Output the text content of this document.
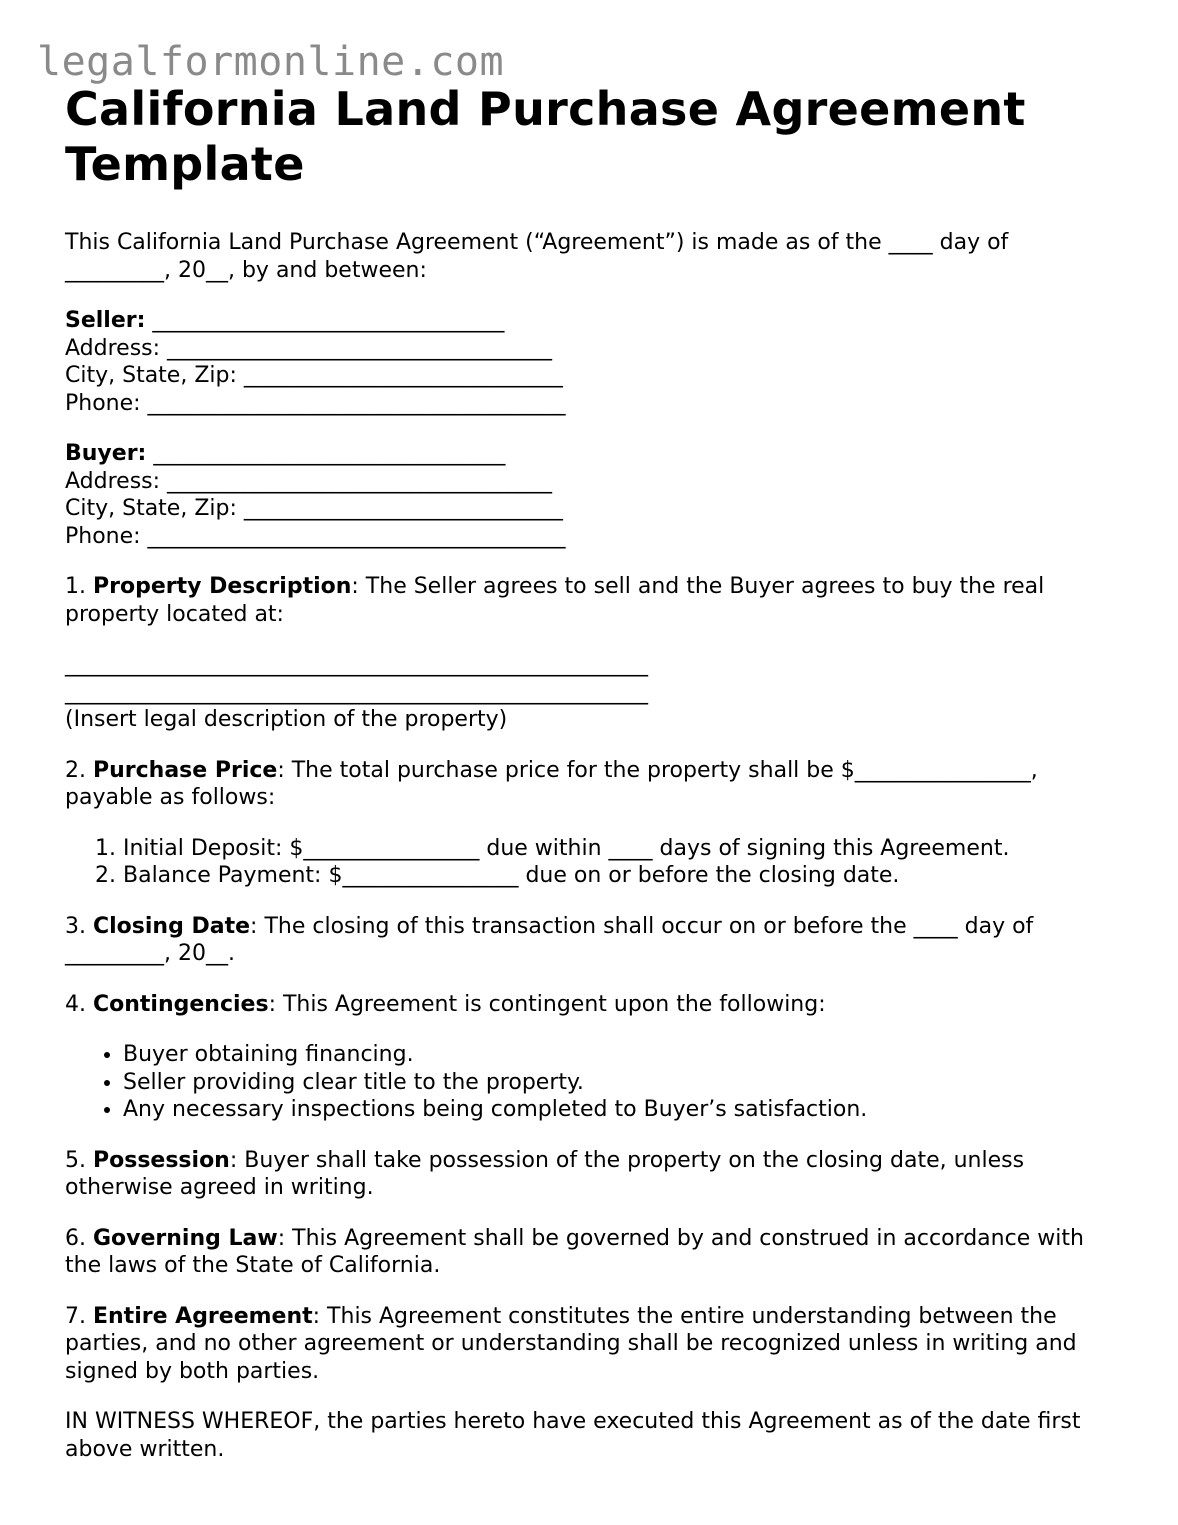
legalformonline.com
California Land Purchase Agreement Template

This California Land Purchase Agreement (“Agreement”) is made as of the ____ day of
_________, 20__, by and between:

Seller: ________________________________
Address: ___________________________________
City, State, Zip: _____________________________
Phone: ______________________________________
Buyer: ________________________________
Address: ___________________________________
City, State, Zip: _____________________________
Phone: ______________________________________

1. Property Description: The Seller agrees to sell and the Buyer agrees to buy the real property located at:

_____________________________________________________
_____________________________________________________
(Insert legal description of the property)

2. Purchase Price: The total purchase price for the property shall be $________________, payable as follows:

1. Initial Deposit: $________________ due within ____ days of signing this Agreement.
2. Balance Payment: $________________ due on or before the closing date.

3. Closing Date: The closing of this transaction shall occur on or before the ____ day of _________, 20__.

4. Contingencies: This Agreement is contingent upon the following:

• Buyer obtaining financing.
• Seller providing clear title to the property.
• Any necessary inspections being completed to Buyer’s satisfaction.

5. Possession: Buyer shall take possession of the property on the closing date, unless otherwise agreed in writing.

6. Governing Law: This Agreement shall be governed by and construed in accordance with the laws of the State of California.

7. Entire Agreement: This Agreement constitutes the entire understanding between the parties, and no other agreement or understanding shall be recognized unless in writing and signed by both parties.

IN WITNESS WHEREOF, the parties hereto have executed this Agreement as of the date first above written.
